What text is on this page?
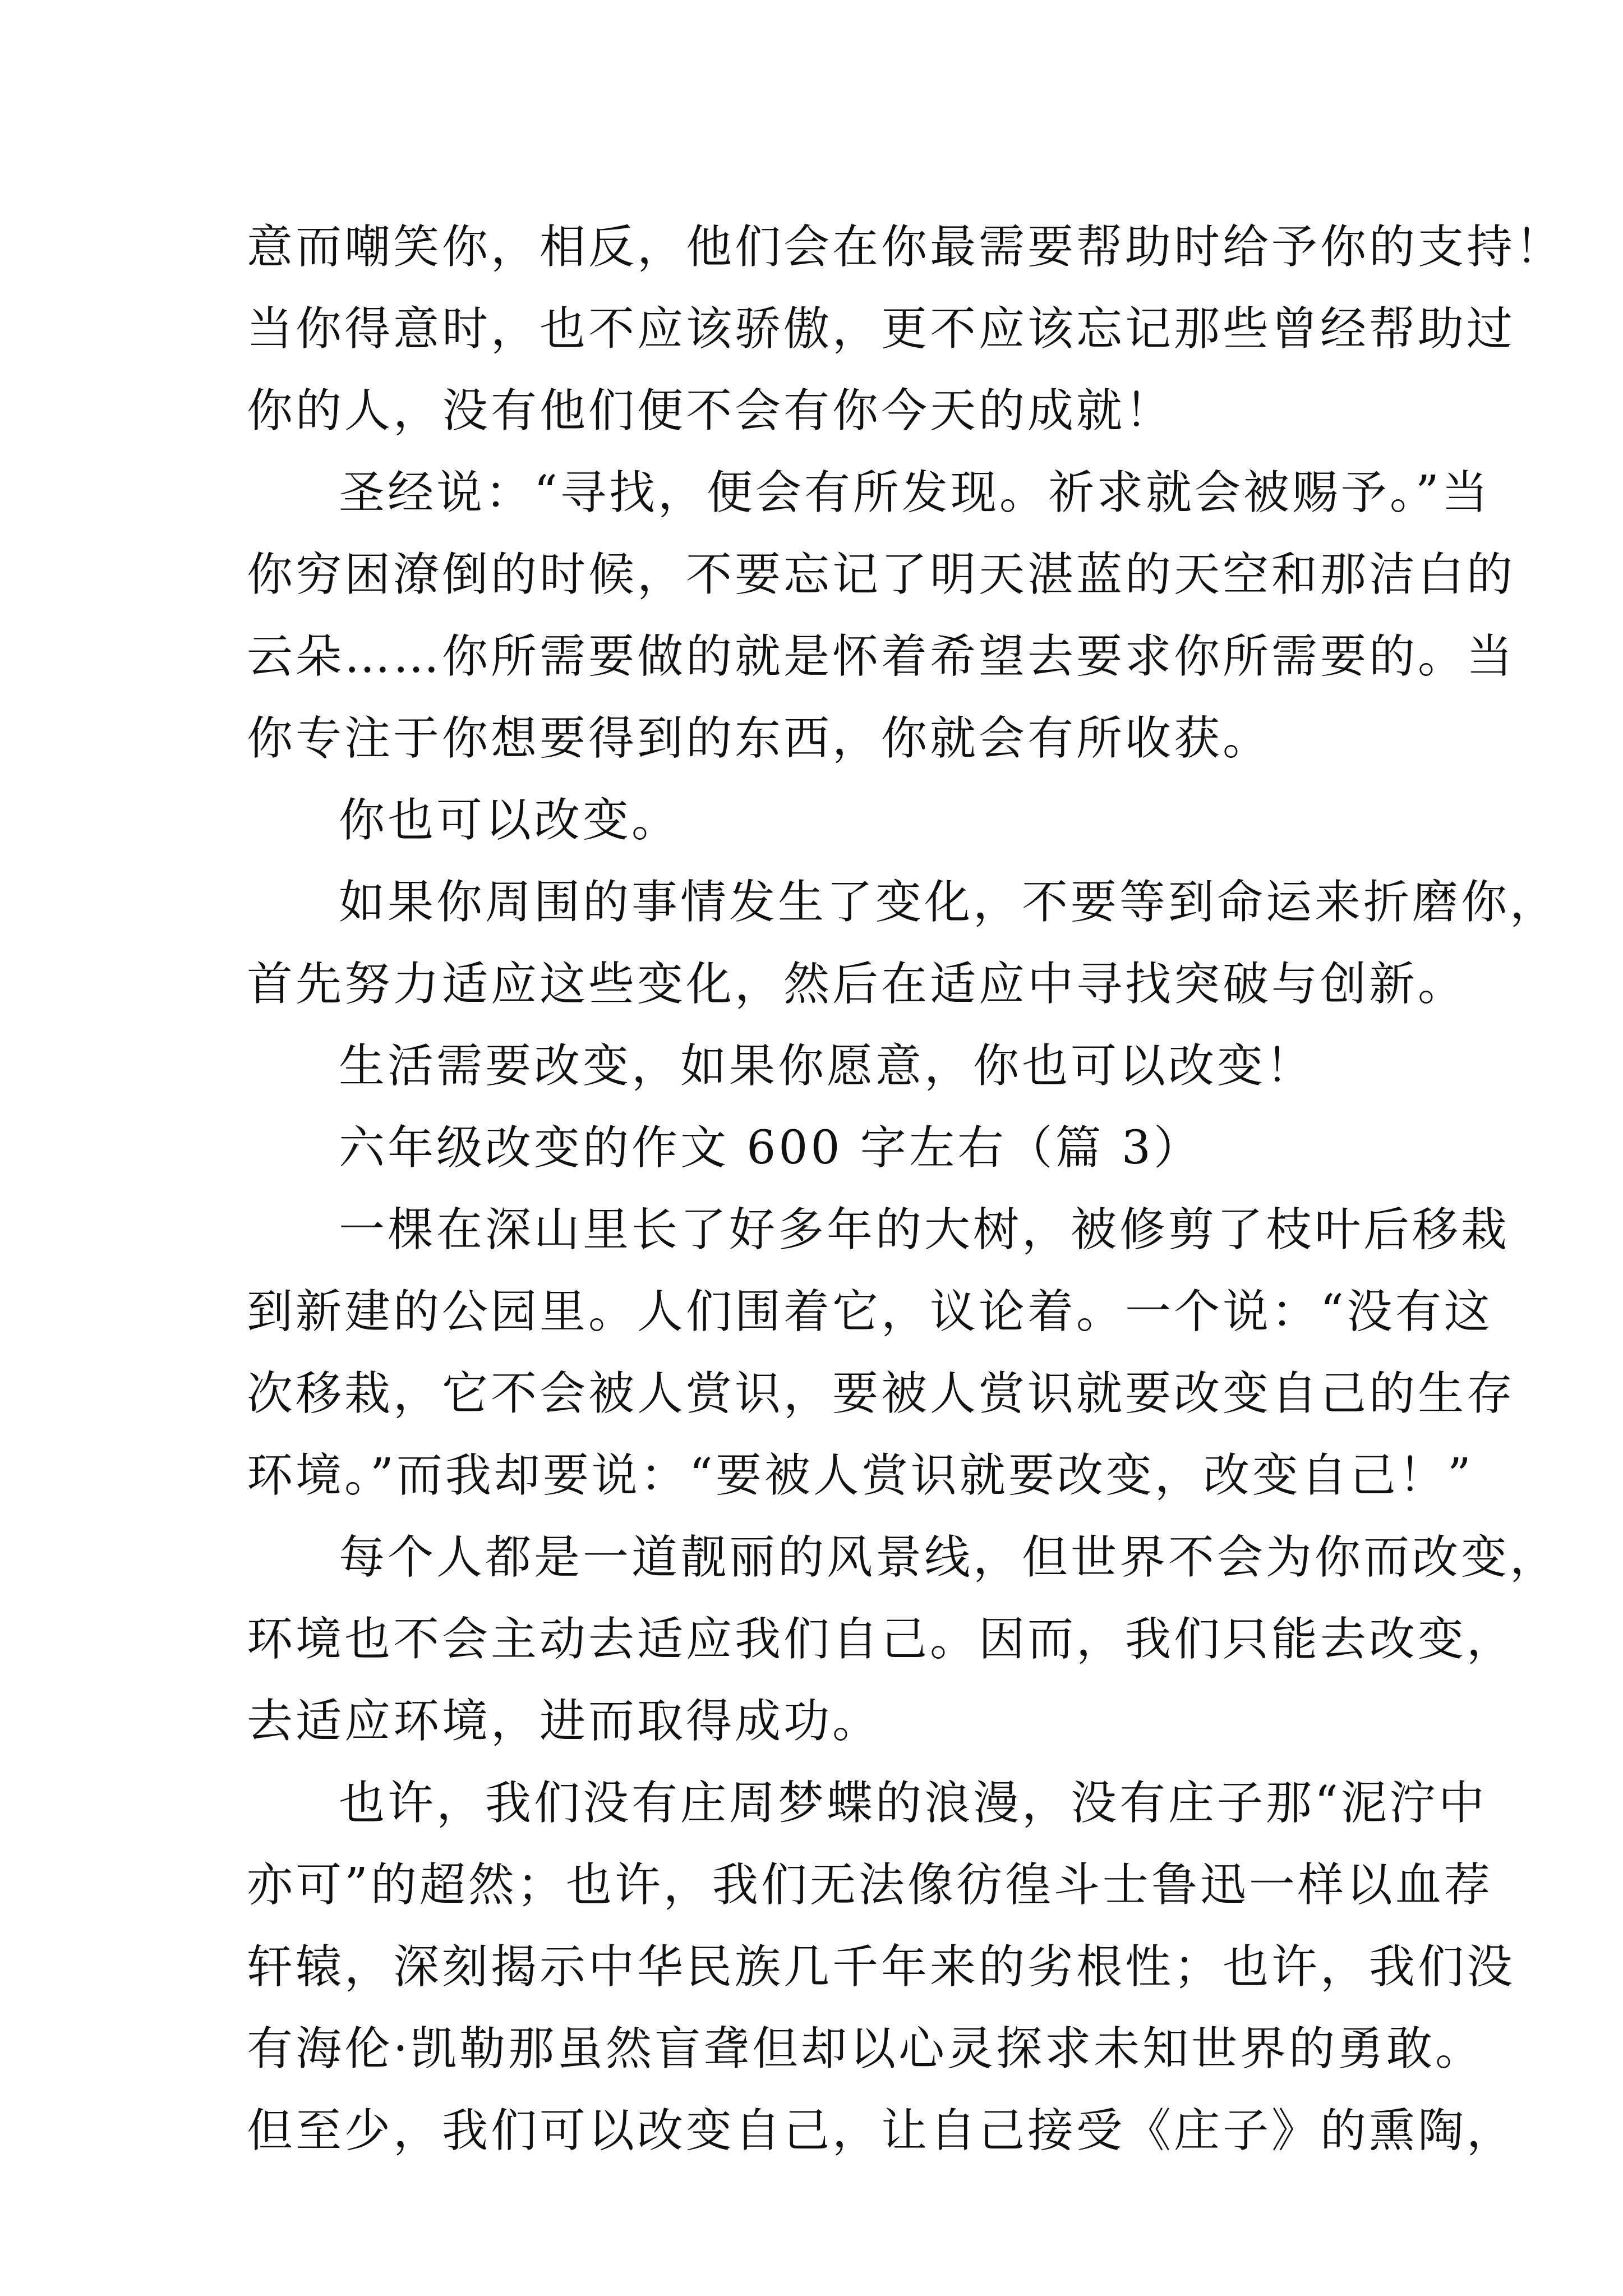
意而嘲笑你，相反，他们会在你最需要帮助时给予你的支持！
当你得意时，也不应该骄傲，更不应该忘记那些曾经帮助过
你的人，没有他们便不会有你今天的成就！
圣经说：“寻找，便会有所发现。祈求就会被赐予。”当
你穷困潦倒的时候，不要忘记了明天湛蓝的天空和那洁白的
云朵……你所需要做的就是怀着希望去要求你所需要的。当
你专注于你想要得到的东西，你就会有所收获。
你也可以改变。
如果你周围的事情发生了变化，不要等到命运来折磨你，
首先努力适应这些变化，然后在适应中寻找突破与创新。
生活需要改变，如果你愿意，你也可以改变！
六年级改变的作文 600 字左右（篇 3）
一棵在深山里长了好多年的大树，被修剪了枝叶后移栽
到新建的公园里。人们围着它，议论着。一个说：“没有这
次移栽，它不会被人赏识，要被人赏识就要改变自己的生存
环境。”而我却要说：“要被人赏识就要改变，改变自己！”
每个人都是一道靓丽的风景线，但世界不会为你而改变，
环境也不会主动去适应我们自己。因而，我们只能去改变，
去适应环境，进而取得成功。
也许，我们没有庄周梦蝶的浪漫，没有庄子那“泥泞中
亦可”的超然；也许，我们无法像彷徨斗士鲁迅一样以血荐
轩辕，深刻揭示中华民族几千年来的劣根性；也许，我们没
有海伦·凯勒那虽然盲聋但却以心灵探求未知世界的勇敢。
但至少，我们可以改变自己，让自己接受《庄子》的熏陶，
